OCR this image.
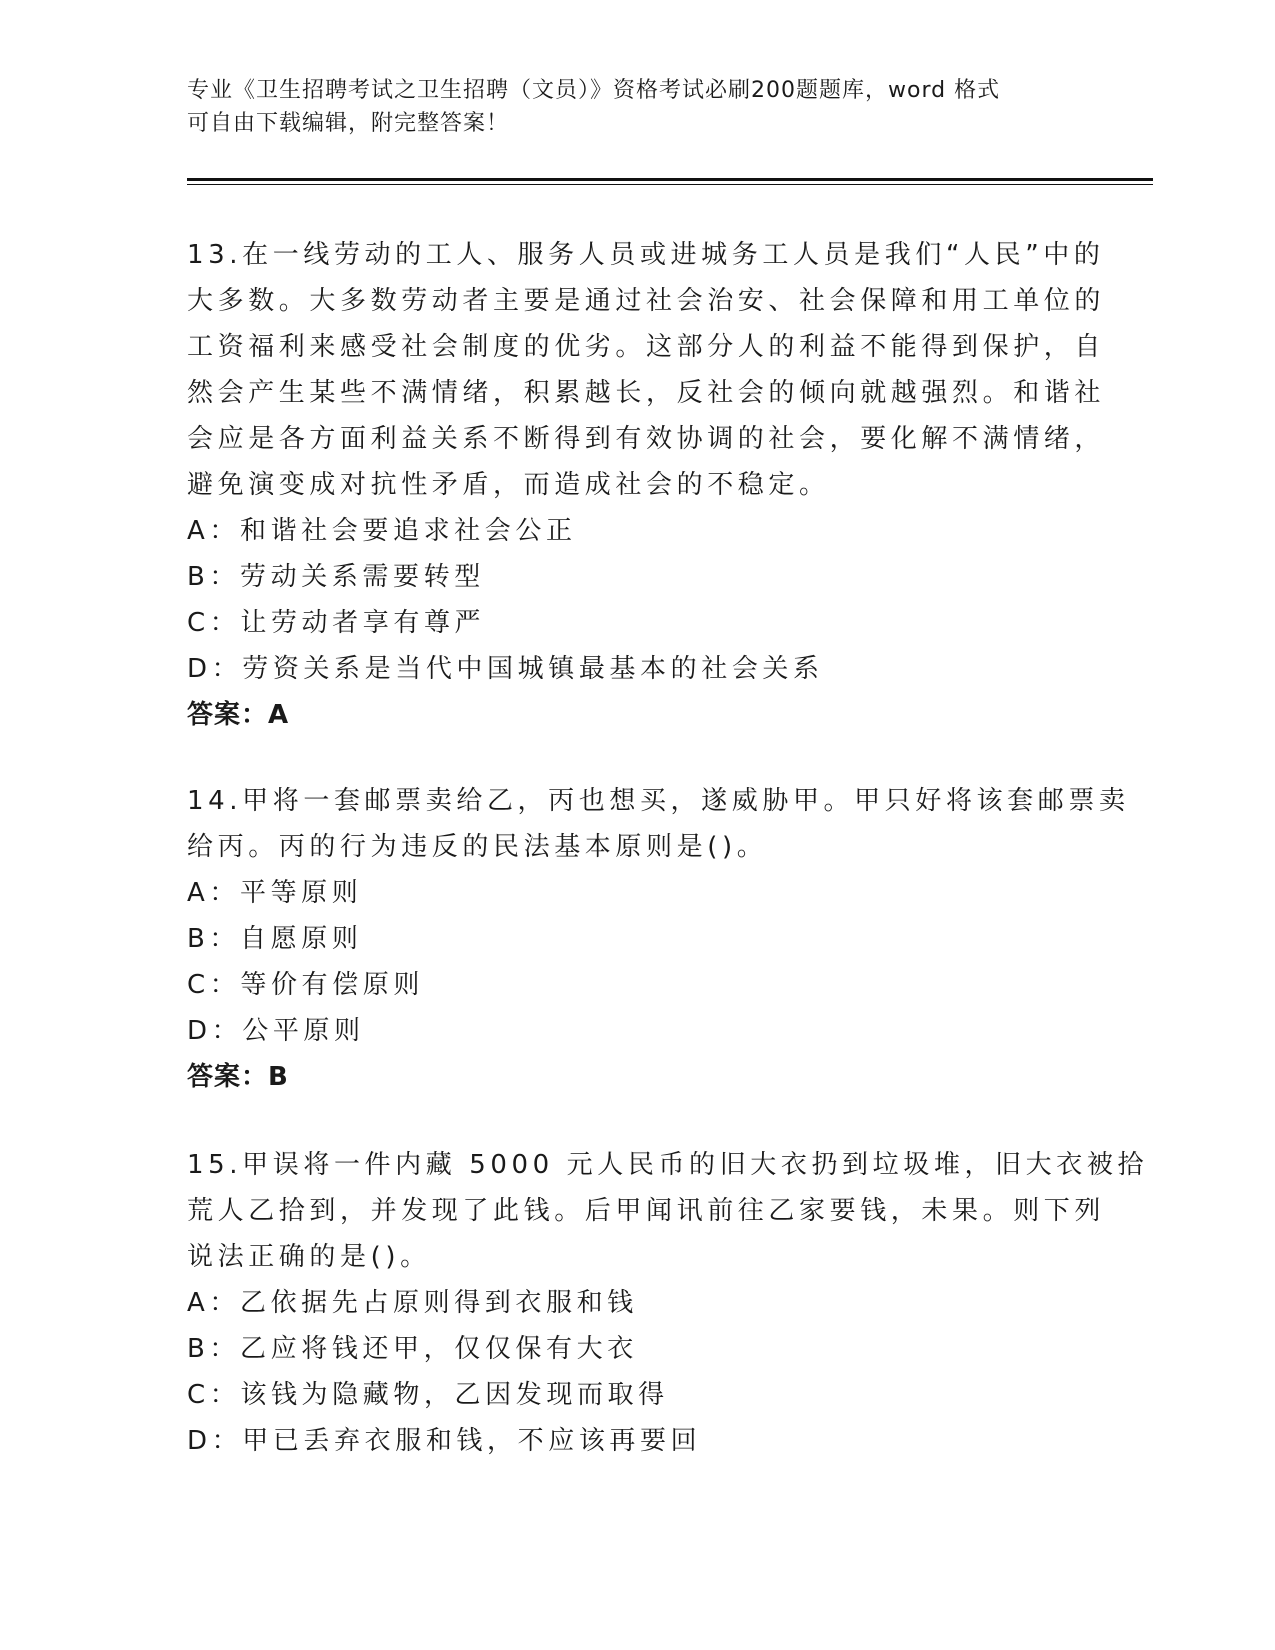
专业《卫生招聘考试之卫生招聘（文员）》资格考试必刷200题题库，word 格式
可自由下载编辑，附完整答案！
13.在一线劳动的工人、服务人员或进城务工人员是我们“人民”中的
大多数。大多数劳动者主要是通过社会治安、社会保障和用工单位的
工资福利来感受社会制度的优劣。这部分人的利益不能得到保护，自
然会产生某些不满情绪，积累越长，反社会的倾向就越强烈。和谐社
会应是各方面利益关系不断得到有效协调的社会，要化解不满情绪，
避免演变成对抗性矛盾，而造成社会的不稳定。
A：和谐社会要追求社会公正
B：劳动关系需要转型
C：让劳动者享有尊严
D：劳资关系是当代中国城镇最基本的社会关系
答案：A
14.甲将一套邮票卖给乙，丙也想买，遂威胁甲。甲只好将该套邮票卖
给丙。丙的行为违反的民法基本原则是()。
A：平等原则
B：自愿原则
C：等价有偿原则
D：公平原则
答案：B
15.甲误将一件内藏 5000 元人民币的旧大衣扔到垃圾堆，旧大衣被拾
荒人乙拾到，并发现了此钱。后甲闻讯前往乙家要钱，未果。则下列
说法正确的是()。
A：乙依据先占原则得到衣服和钱
B：乙应将钱还甲，仅仅保有大衣
C：该钱为隐藏物，乙因发现而取得
D：甲已丢弃衣服和钱，不应该再要回
